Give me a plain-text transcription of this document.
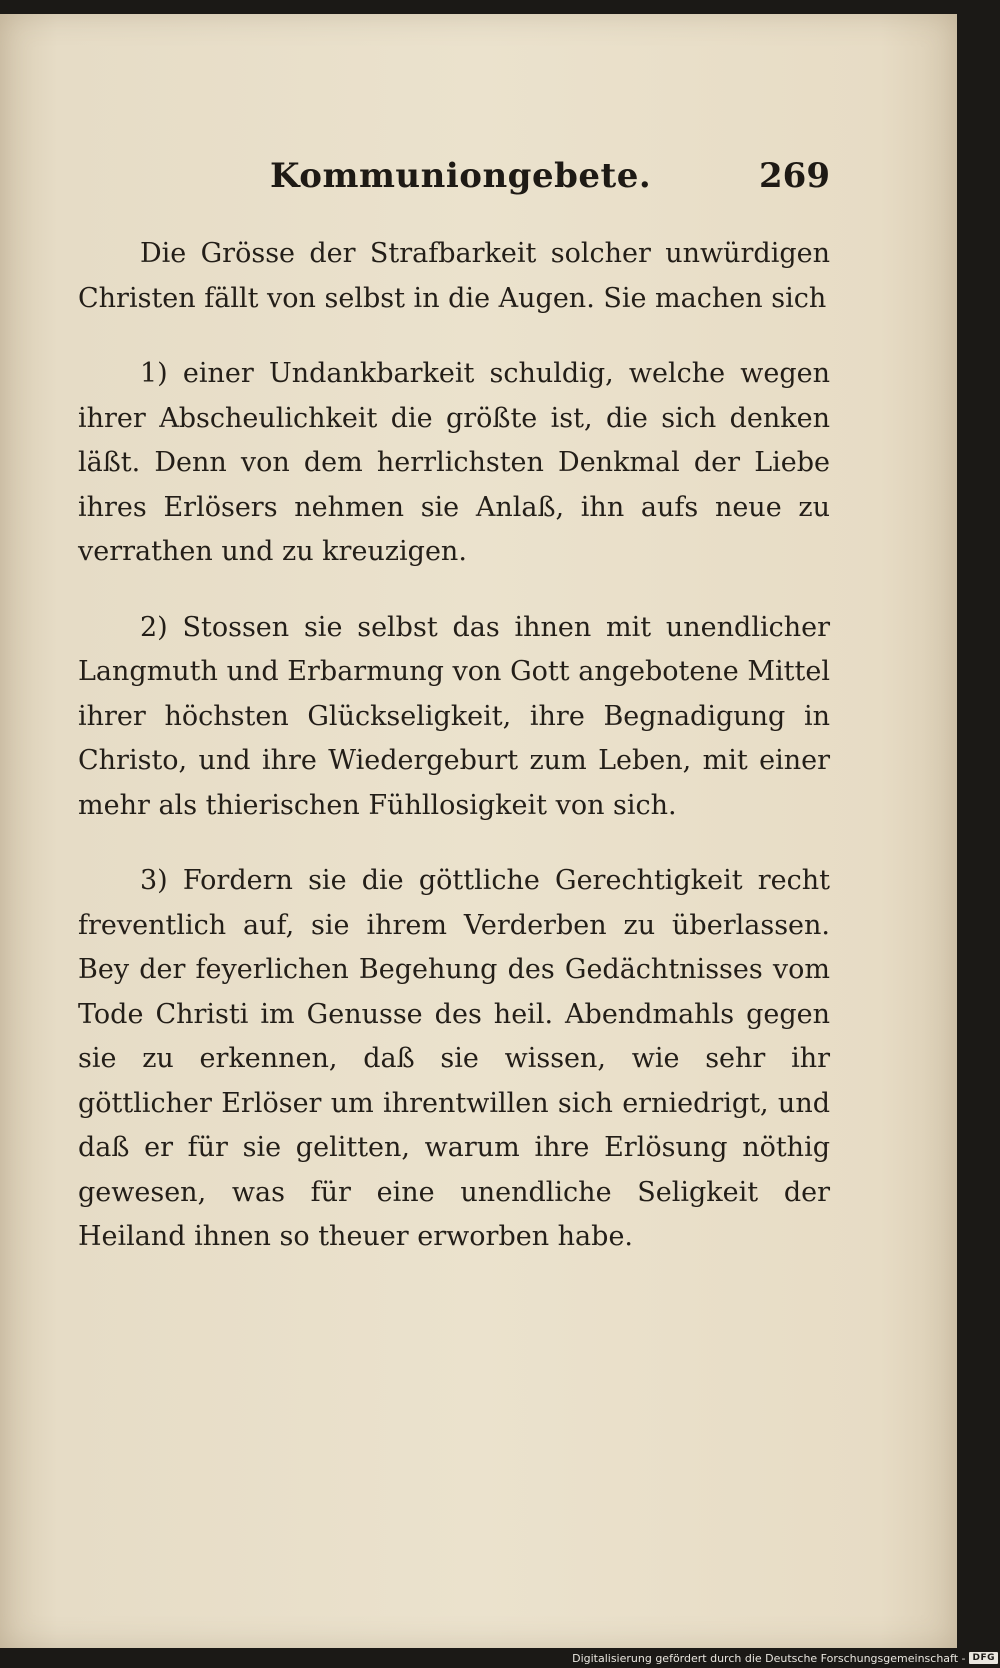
Kommuniongebete.	269

Die Grösse der Strafbarkeit solcher unwürdigen Christen fällt von selbst in die Augen. Sie machen sich

1) einer Undankbarkeit schuldig, welche wegen ihrer Abscheulichkeit die größte ist, die sich denken läßt. Denn von dem herrlichsten Denkmal der Liebe ihres Erlösers nehmen sie Anlaß, ihn aufs neue zu verrathen und zu kreuzigen.

2) Stossen sie selbst das ihnen mit unendlicher Langmuth und Erbarmung von Gott angebotene Mittel ihrer höchsten Glückseligkeit, ihre Begnadigung in Christo, und ihre Wiedergeburt zum Leben, mit einer mehr als thierischen Fühllosigkeit von sich.

3) Fordern sie die göttliche Gerechtigkeit recht freventlich auf, sie ihrem Verderben zu überlassen. Bey der feyerlichen Begehung des Gedächtnisses vom Tode Christi im Genusse des heil. Abendmahls gegen sie zu erkennen, daß sie wissen, wie sehr ihr göttlicher Erlöser um ihrentwillen sich erniedrigt, und daß er für sie gelitten, warum ihre Erlösung nöthig gewesen, was für eine unendliche Seligkeit der Heiland ihnen so theuer erworben habe.

Digitalisierung gefördert durch die Deutsche Forschungsgemeinschaft - DFG
